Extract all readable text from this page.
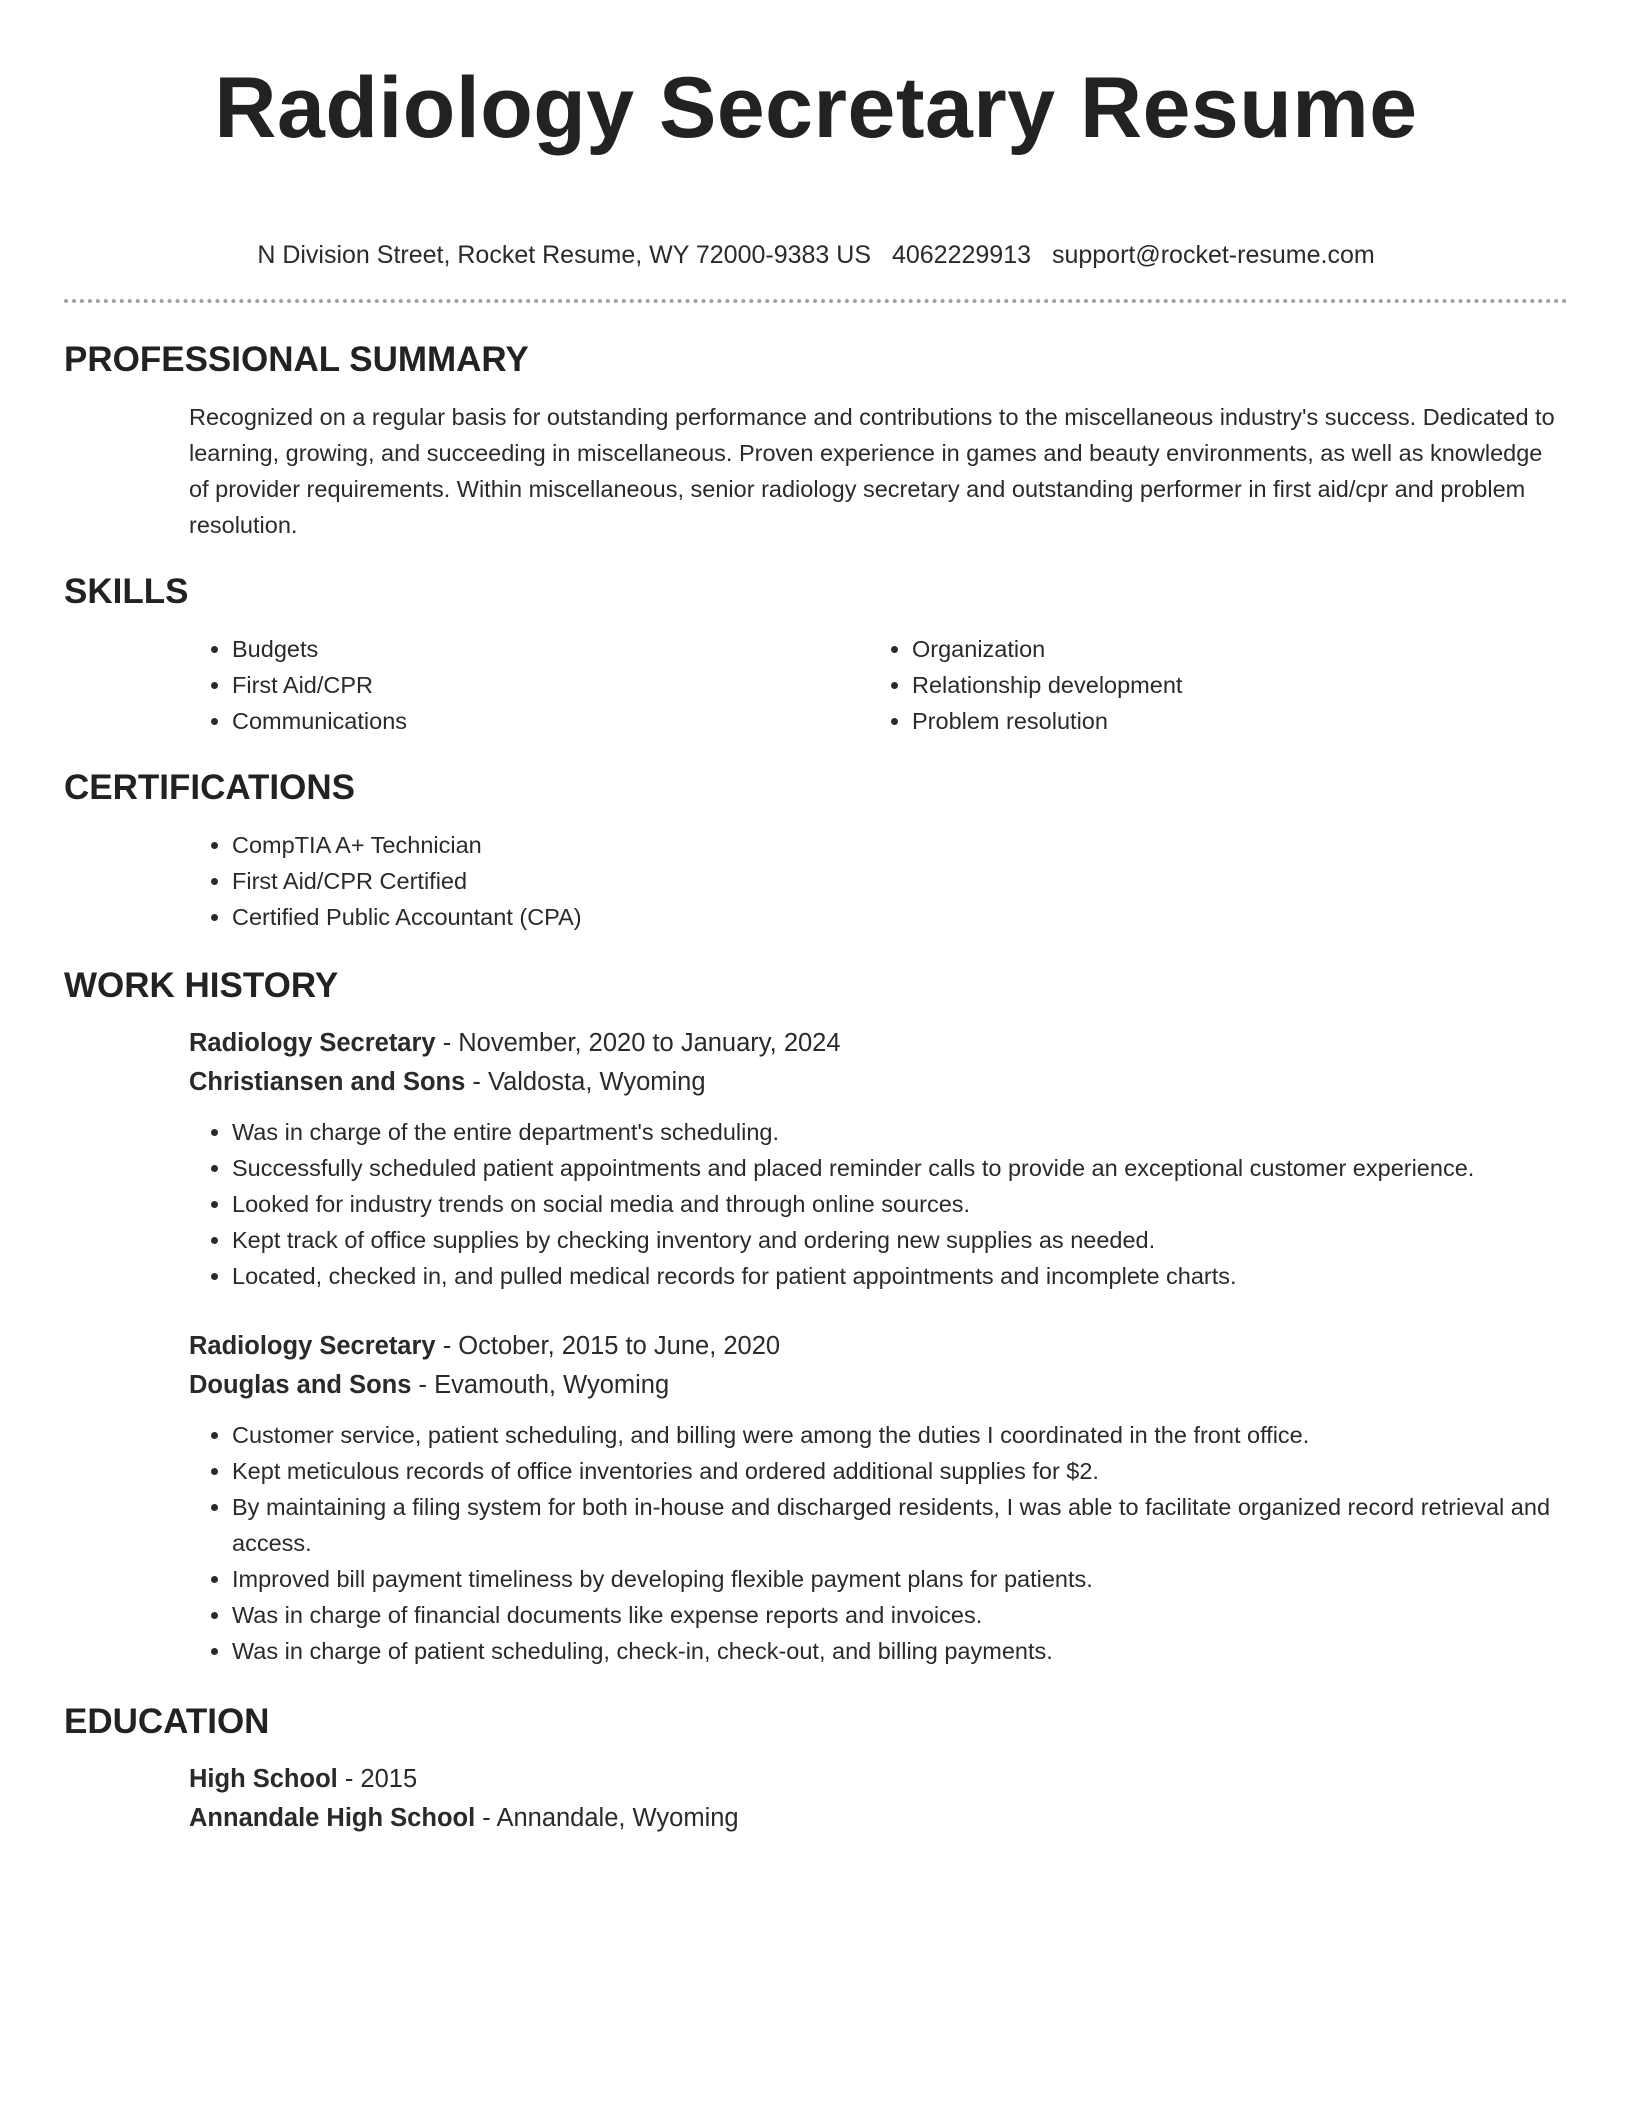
Radiology Secretary Resume
N Division Street, Rocket Resume, WY 72000-9383 US 4062229913 support@rocket-resume.com
PROFESSIONAL SUMMARY

Recognized on a regular basis for outstanding performance and contributions to the miscellaneous industry's success. Dedicated to learning, growing, and succeeding in miscellaneous. Proven experience in games and beauty environments, as well as knowledge of provider requirements. Within miscellaneous, senior radiology secretary and outstanding performer in first aid/cpr and problem resolution.

SKILLS
• Budgets
• First Aid/CPR
• Communications
• Organization
• Relationship development
• Problem resolution
CERTIFICATIONS
• CompTIA A+ Technician
• First Aid/CPR Certified
• Certified Public Accountant (CPA)
WORK HISTORY
Radiology Secretary - November, 2020 to January, 2024
Christiansen and Sons - Valdosta, Wyoming
• Was in charge of the entire department's scheduling.
• Successfully scheduled patient appointments and placed reminder calls to provide an exceptional customer experience.
• Looked for industry trends on social media and through online sources.
• Kept track of office supplies by checking inventory and ordering new supplies as needed.
• Located, checked in, and pulled medical records for patient appointments and incomplete charts.
Radiology Secretary - October, 2015 to June, 2020
Douglas and Sons - Evamouth, Wyoming
• Customer service, patient scheduling, and billing were among the duties I coordinated in the front office.
• Kept meticulous records of office inventories and ordered additional supplies for $2.
• By maintaining a filing system for both in-house and discharged residents, I was able to facilitate organized record retrieval and access.
• Improved bill payment timeliness by developing flexible payment plans for patients.
• Was in charge of financial documents like expense reports and invoices.
• Was in charge of patient scheduling, check-in, check-out, and billing payments.
EDUCATION
High School - 2015
Annandale High School - Annandale, Wyoming
